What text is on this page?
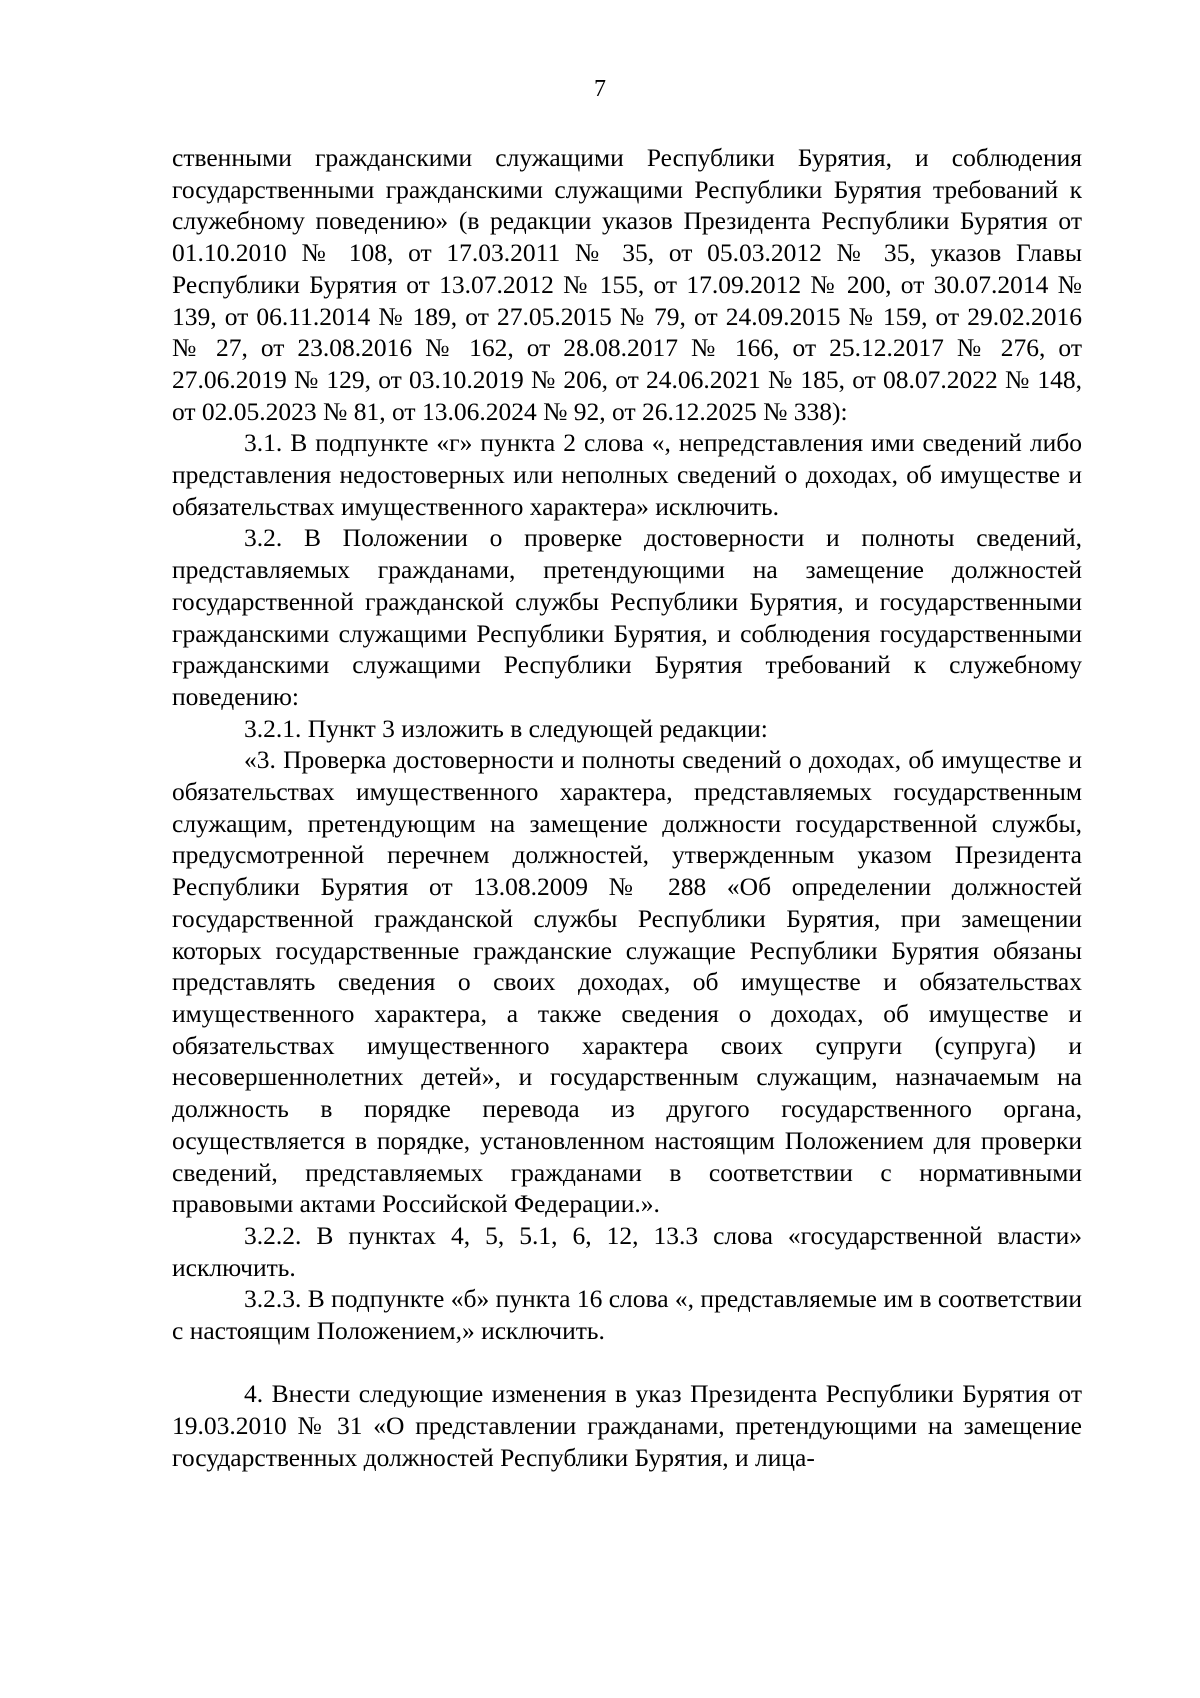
7

ственными гражданскими служащими Республики Бурятия, и соблюдения государственными гражданскими служащими Республики Бурятия требований к служебному поведению» (в редакции указов Президента Республики Бурятия от 01.10.2010 № 108, от 17.03.2011 № 35, от 05.03.2012 № 35, указов Главы Республики Бурятия от 13.07.2012 № 155, от 17.09.2012 № 200, от 30.07.2014 № 139, от 06.11.2014 № 189, от 27.05.2015 № 79, от 24.09.2015 № 159, от 29.02.2016 № 27, от 23.08.2016 № 162, от 28.08.2017 № 166, от 25.12.2017 № 276, от 27.06.2019 № 129, от 03.10.2019 № 206, от 24.06.2021 № 185, от 08.07.2022 № 148, от 02.05.2023 № 81, от 13.06.2024 № 92, от 26.12.2025 № 338):

3.1. В подпункте «г» пункта 2 слова «, непредставления ими сведений либо представления недостоверных или неполных сведений о доходах, об имуществе и обязательствах имущественного характера» исключить.

3.2. В Положении о проверке достоверности и полноты сведений, представляемых гражданами, претендующими на замещение должностей государственной гражданской службы Республики Бурятия, и государственными гражданскими служащими Республики Бурятия, и соблюдения государственными гражданскими служащими Республики Бурятия требований к служебному поведению:

3.2.1. Пункт 3 изложить в следующей редакции:

«3. Проверка достоверности и полноты сведений о доходах, об имуществе и обязательствах имущественного характера, представляемых государственным служащим, претендующим на замещение должности государственной службы, предусмотренной перечнем должностей, утвержденным указом Президента Республики Бурятия от 13.08.2009 № 288 «Об определении должностей государственной гражданской службы Республики Бурятия, при замещении которых государственные гражданские служащие Республики Бурятия обязаны представлять сведения о своих доходах, об имуществе и обязательствах имущественного характера, а также сведения о доходах, об имуществе и обязательствах имущественного характера своих супруги (супруга) и несовершеннолетних детей», и государственным служащим, назначаемым на должность в порядке перевода из другого государственного органа, осуществляется в порядке, установленном настоящим Положением для проверки сведений, представляемых гражданами в соответствии с нормативными правовыми актами Российской Федерации.».

3.2.2. В пунктах 4, 5, 5.1, 6, 12, 13.3 слова «государственной власти» исключить.

3.2.3. В подпункте «б» пункта 16 слова «, представляемые им в соответствии с настоящим Положением,» исключить.

4. Внести следующие изменения в указ Президента Республики Бурятия от 19.03.2010 № 31 «О представлении гражданами, претендующими на замещение государственных должностей Республики Бурятия, и лица-
